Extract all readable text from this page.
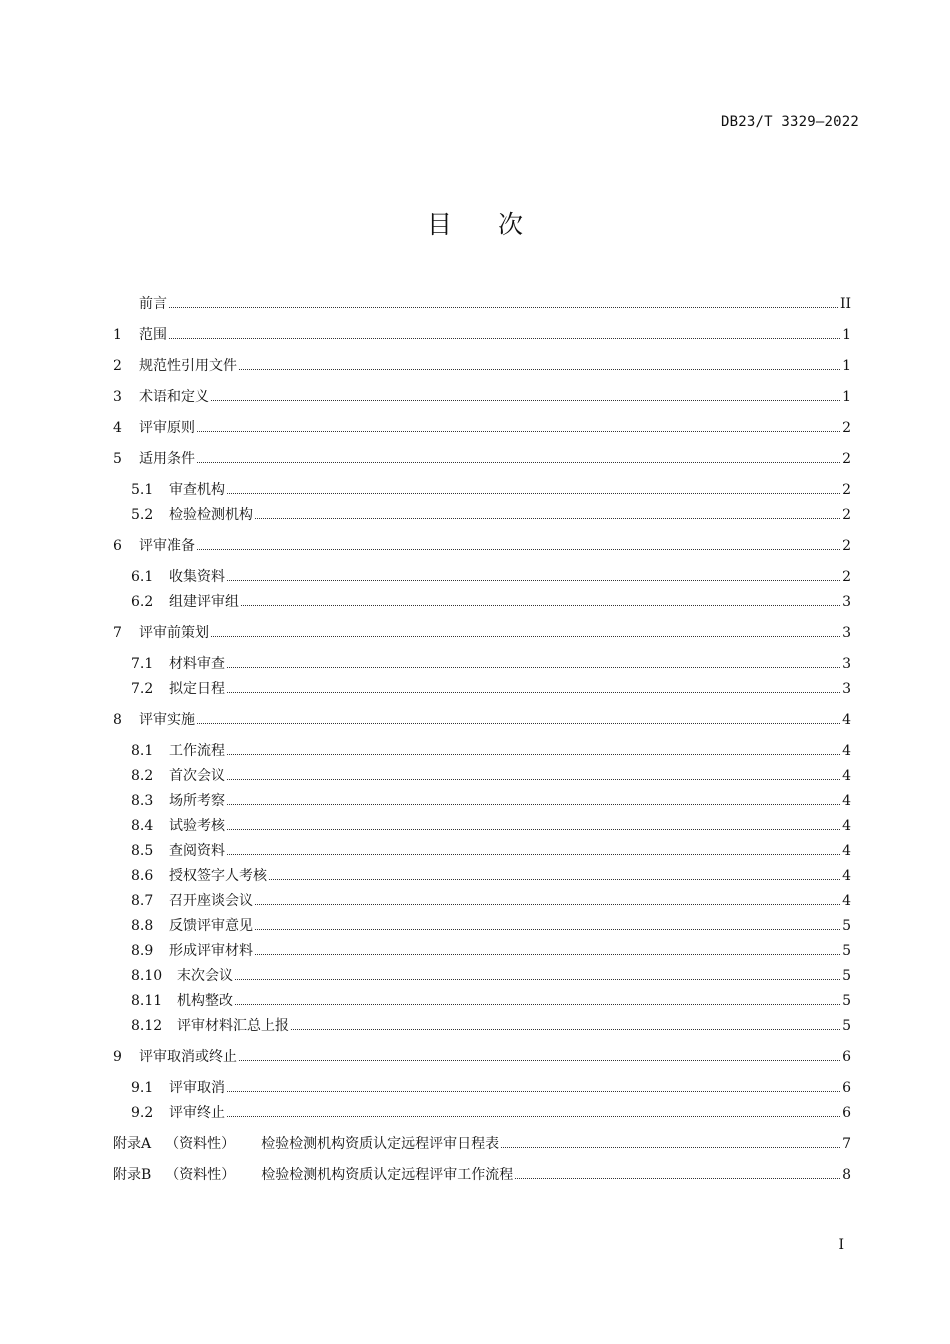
DB23/T 3329—2022
目次
前言	II
1	范围	1
2	规范性引用文件	1
3	术语和定义	1
4	评审原则	2
5	适用条件	2
5.1	审查机构	2
5.2	检验检测机构	2
6	评审准备	2
6.1	收集资料	2
6.2	组建评审组	3
7	评审前策划	3
7.1	材料审查	3
7.2	拟定日程	3
8	评审实施	4
8.1	工作流程	4
8.2	首次会议	4
8.3	场所考察	4
8.4	试验考核	4
8.5	查阅资料	4
8.6	授权签字人考核	4
8.7	召开座谈会议	4
8.8	反馈评审意见	5
8.9	形成评审材料	5
8.10	末次会议	5
8.11	机构整改	5
8.12	评审材料汇总上报	5
9	评审取消或终止	6
9.1	评审取消	6
9.2	评审终止	6
附录A （资料性） 检验检测机构资质认定远程评审日程表	7
附录B （资料性） 检验检测机构资质认定远程评审工作流程	8
I
